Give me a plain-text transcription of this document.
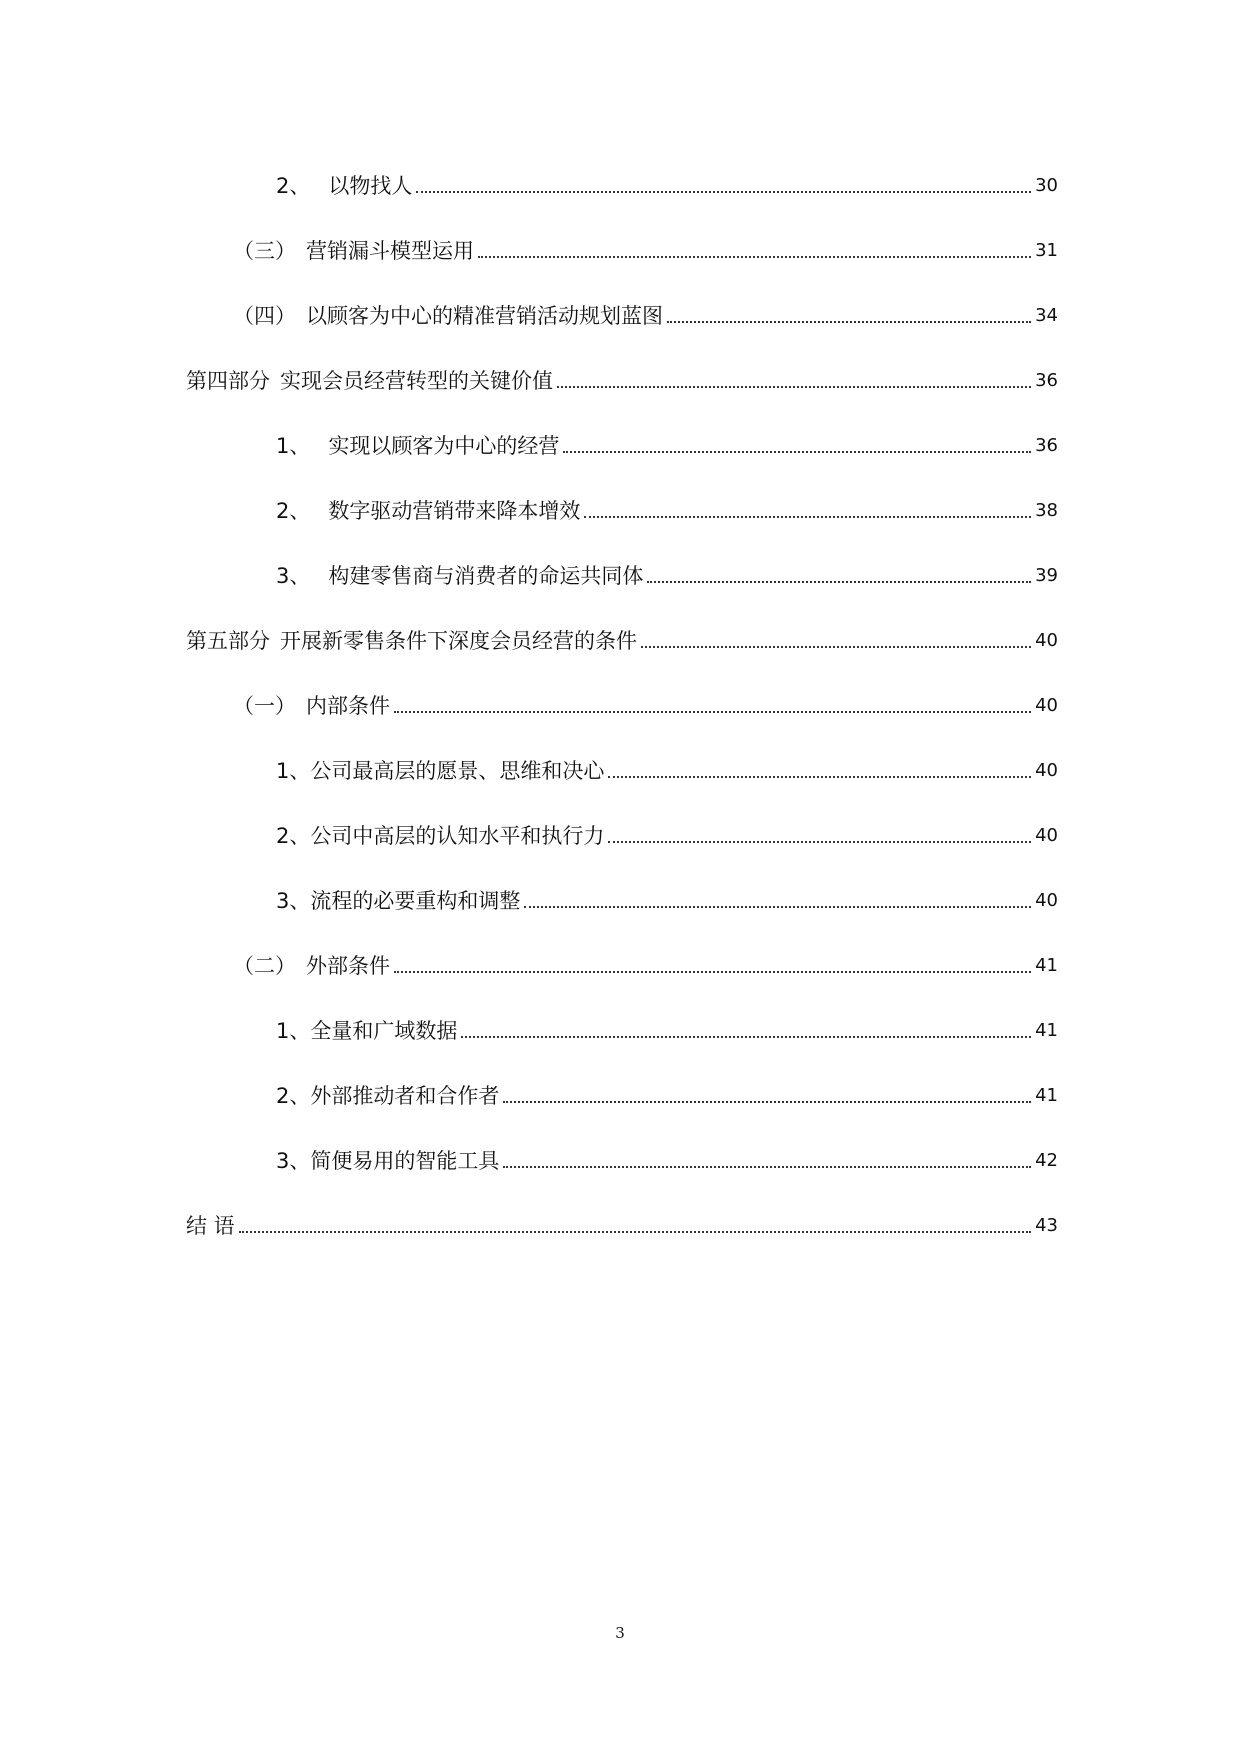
2、 以物找人	30
（三） 营销漏斗模型运用	31
（四） 以顾客为中心的精准营销活动规划蓝图	34
第四部分 实现会员经营转型的关键价值	36
1、 实现以顾客为中心的经营	36
2、 数字驱动营销带来降本增效	38
3、 构建零售商与消费者的命运共同体	39
第五部分 开展新零售条件下深度会员经营的条件	40
（一） 内部条件	40
1、 公司最高层的愿景、思维和决心	40
2、 公司中高层的认知水平和执行力	40
3、 流程的必要重构和调整	40
（二） 外部条件	41
1、 全量和广域数据	41
2、 外部推动者和合作者	41
3、 简便易用的智能工具	42
结 语	43
3
